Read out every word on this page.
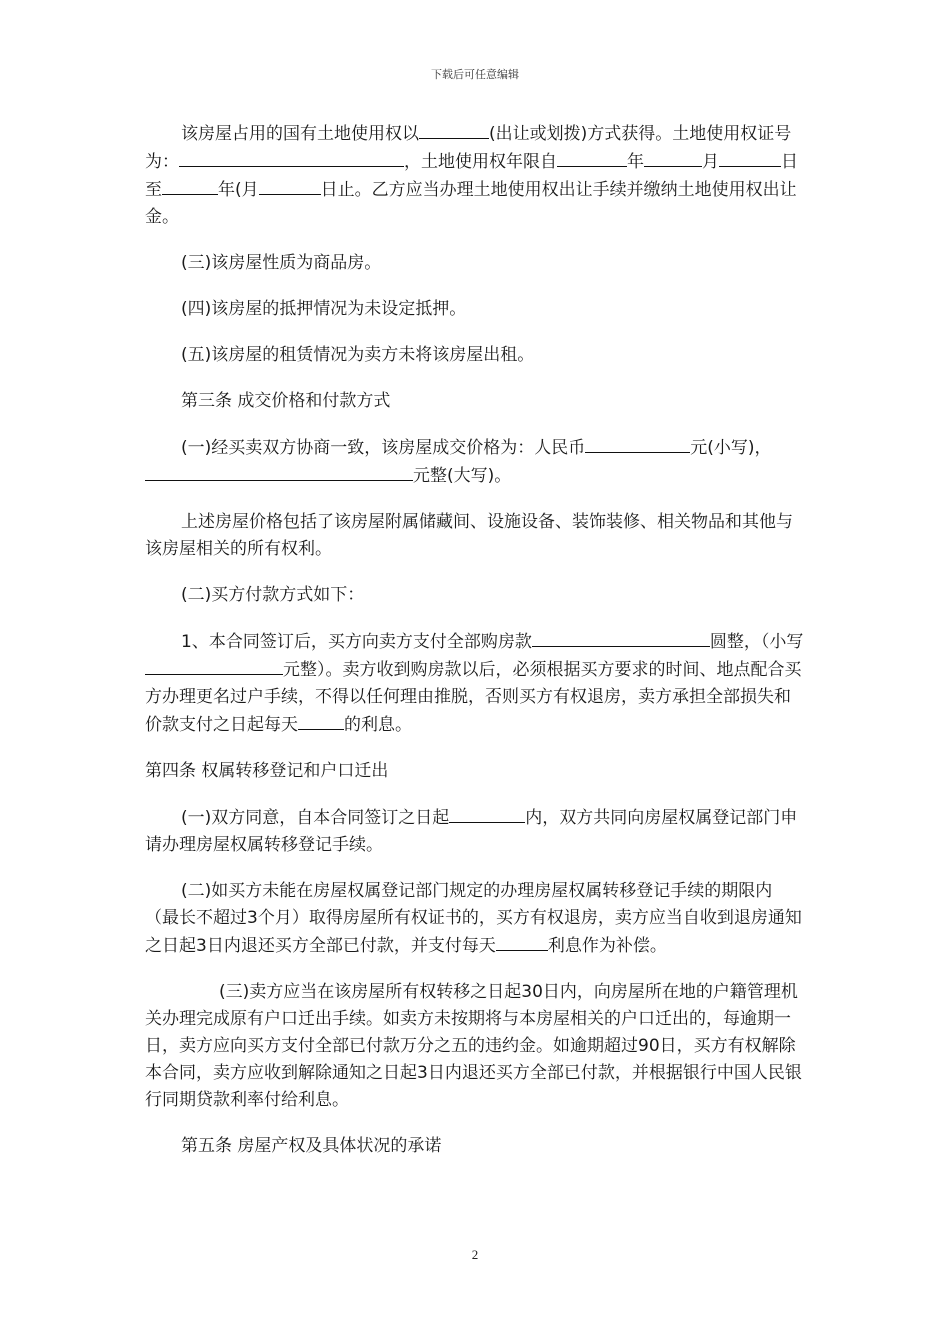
下载后可任意编辑

该房屋占用的国有土地使用权以	(出让或划拨)方式获得。土地使用权证号为：	，土地使用权年限自	年	月	日至	年(月	日止。乙方应当办理土地使用权出让手续并缴纳土地使用权出让金。

(三)该房屋性质为商品房。

(四)该房屋的抵押情况为未设定抵押。

(五)该房屋的租赁情况为卖方未将该房屋出租。

第三条 成交价格和付款方式

(一)经买卖双方协商一致，该房屋成交价格为：人民币	元(小写)，元整(大写)。

上述房屋价格包括了该房屋附属储藏间、设施设备、装饰装修、相关物品和其他与该房屋相关的所有权利。

(二)买方付款方式如下：

1、本合同签订后，买方向卖方支付全部购房款	圆整，（小写元整）。卖方收到购房款以后，必须根据买方要求的时间、地点配合买方办理更名过户手续，不得以任何理由推脱，否则买方有权退房，卖方承担全部损失和价款支付之日起每天	的利息。

第四条 权属转移登记和户口迁出

(一)双方同意，自本合同签订之日起	内，双方共同向房屋权属登记部门申请办理房屋权属转移登记手续。

(二)如买方未能在房屋权属登记部门规定的办理房屋权属转移登记手续的期限内（最长不超过3个月）取得房屋所有权证书的，买方有权退房，卖方应当自收到退房通知之日起3日内退还买方全部已付款，并支付每天	利息作为补偿。

(三)卖方应当在该房屋所有权转移之日起30日内，向房屋所在地的户籍管理机关办理完成原有户口迁出手续。如卖方未按期将与本房屋相关的户口迁出的，每逾期一日，卖方应向买方支付全部已付款万分之五的违约金。如逾期超过90日，买方有权解除本合同，卖方应收到解除通知之日起3日内退还买方全部已付款，并根据银行中国人民银行同期贷款利率付给利息。

第五条 房屋产权及具体状况的承诺

2
